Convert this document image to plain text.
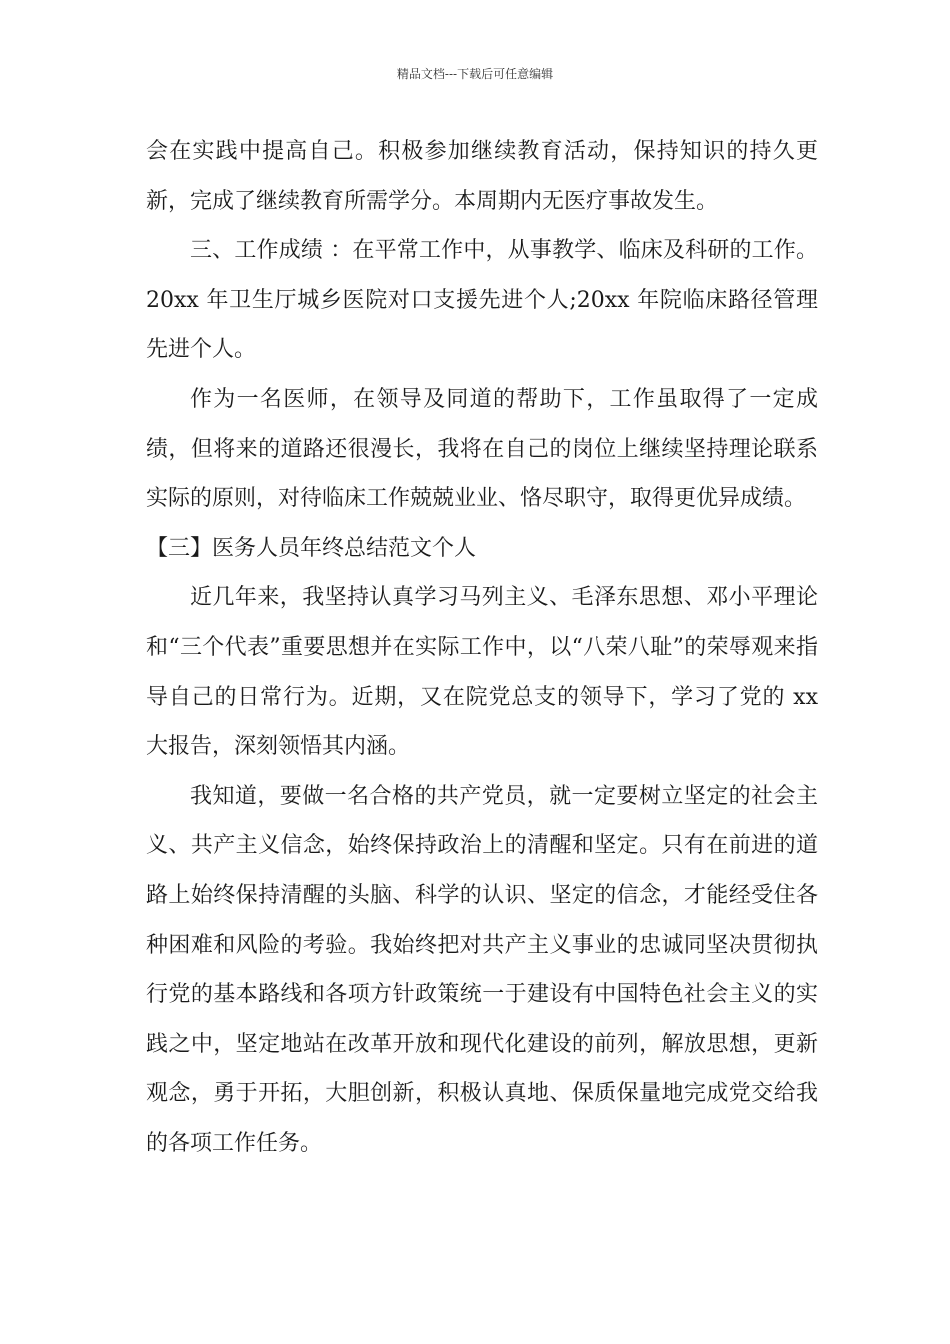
精品文档---下载后可任意编辑

会在实践中提高自己。积极参加继续教育活动，保持知识的持久更新，完成了继续教育所需学分。本周期内无医疗事故发生。

三、工作成绩 ：在平常工作中，从事教学、临床及科研的工作。20xx 年卫生厅城乡医院对口支援先进个人;20xx 年院临床路径管理先进个人。

作为一名医师，在领导及同道的帮助下，工作虽取得了一定成绩，但将来的道路还很漫长，我将在自己的岗位上继续坚持理论联系实际的原则，对待临床工作兢兢业业、恪尽职守，取得更优异成绩。

【三】医务人员年终总结范文个人

近几年来，我坚持认真学习马列主义、毛泽东思想、邓小平理论和“三个代表”重要思想并在实际工作中，以“八荣八耻”的荣辱观来指导自己的日常行为。近期，又在院党总支的领导下，学习了党的 xx 大报告，深刻领悟其内涵。

我知道，要做一名合格的共产党员，就一定要树立坚定的社会主义、共产主义信念，始终保持政治上的清醒和坚定。只有在前进的道路上始终保持清醒的头脑、科学的认识、坚定的信念，才能经受住各种困难和风险的考验。我始终把对共产主义事业的忠诚同坚决贯彻执行党的基本路线和各项方针政策统一于建设有中国特色社会主义的实践之中，坚定地站在改革开放和现代化建设的前列，解放思想，更新观念，勇于开拓，大胆创新，积极认真地、保质保量地完成党交给我的各项工作任务。
